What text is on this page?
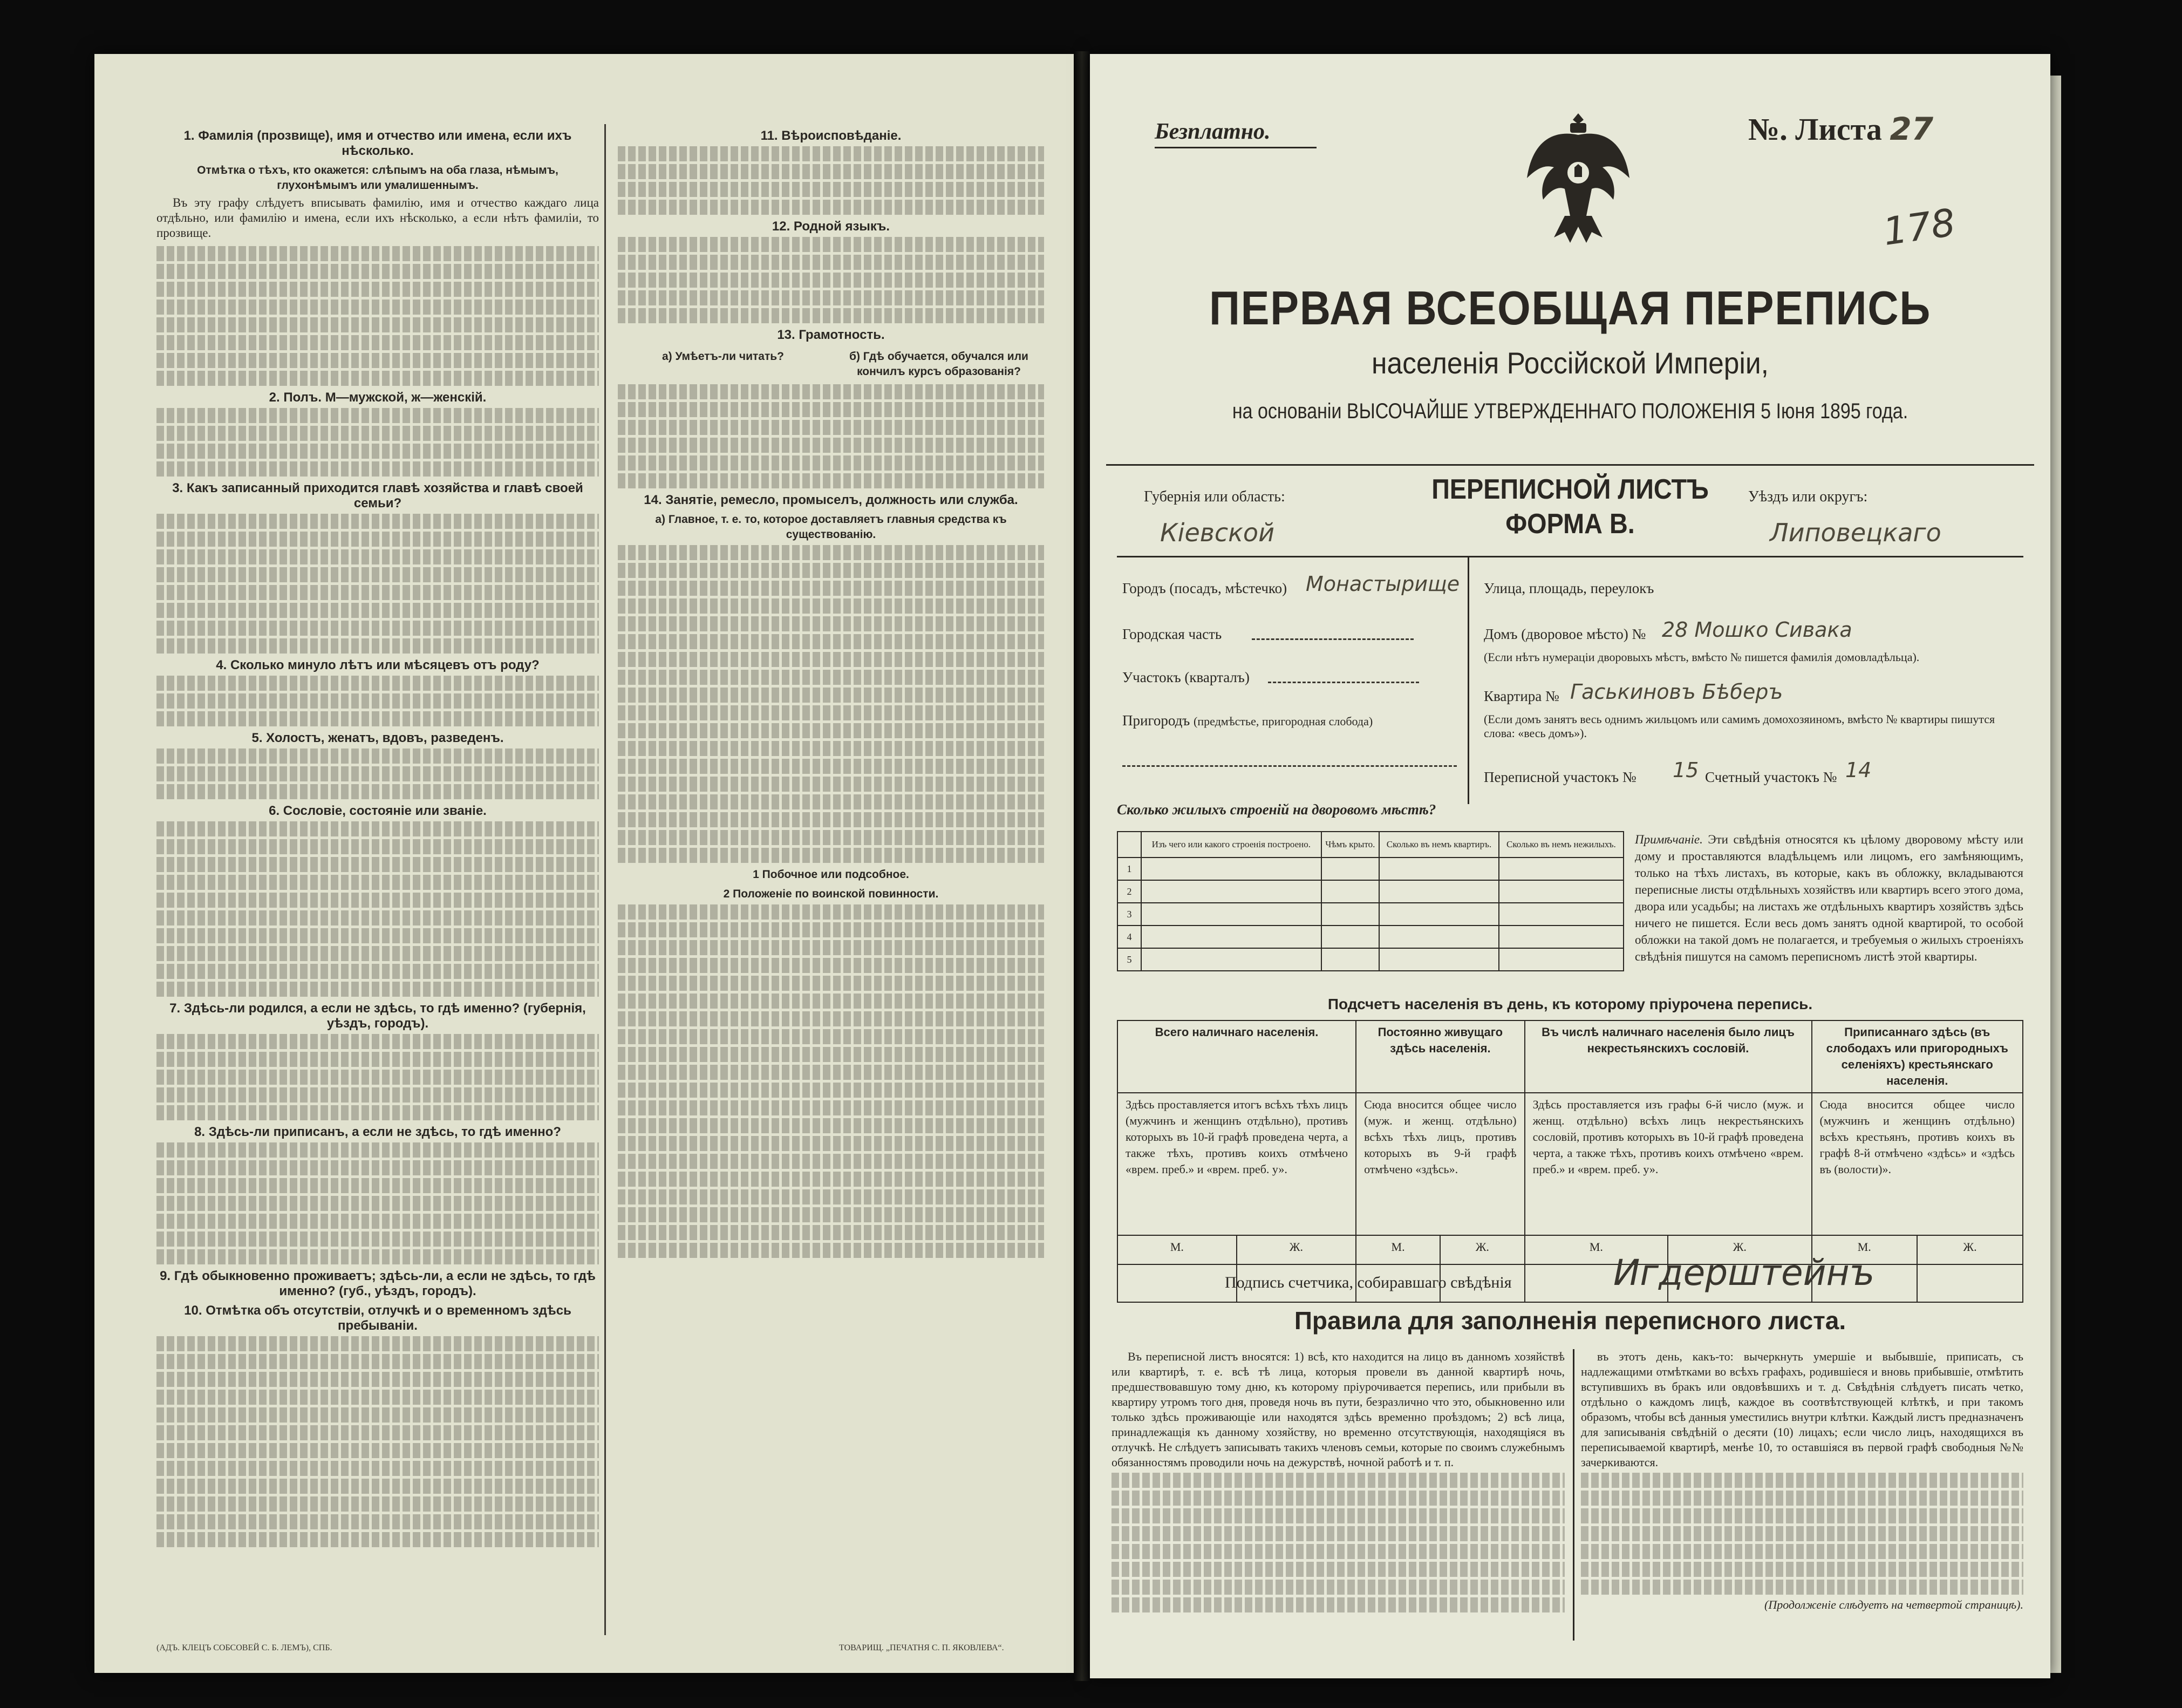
1. Фамилія (прозвище), имя и отчество или имена, если ихъ нѣсколько.
Отмѣтка о тѣхъ, кто окажется: слѣпымъ на оба глаза, нѣмымъ, глухонѣмымъ или умалишеннымъ.

Въ эту графу слѣдуетъ вписывать фамилію, имя и отчество каждаго лица отдѣльно, или фамилію и имена, если ихъ нѣсколько, а если нѣтъ фамиліи, то прозвище.

2. Полъ. М—мужской, ж—женскій.
3. Какъ записанный приходится главѣ хозяйства и главѣ своей семьи?
4. Сколько минуло лѣтъ или мѣсяцевъ отъ роду?
5. Холостъ, женатъ, вдовъ, разведенъ.
6. Сословіе, состояніе или званіе.
7. Здѣсь-ли родился, а если не здѣсь, то гдѣ именно? (губернія, уѣздъ, городъ).
8. Здѣсь-ли приписанъ, а если не здѣсь, то гдѣ именно?
9. Гдѣ обыкновенно проживаетъ; здѣсь-ли, а если не здѣсь, то гдѣ именно? (губ., уѣздъ, городъ).
10. Отмѣтка объ отсутствіи, отлучкѣ и о временномъ здѣсь пребываніи.
11. Вѣроисповѣданіе.
12. Родной языкъ.
13. Грамотность.
а) Умѣетъ-ли читать?	б) Гдѣ обучается, обучался или кончилъ курсъ образованія?
14. Занятіе, ремесло, промыселъ, должность или служба.
а) Главное, т. е. то, которое доставляетъ главныя средства къ существованію.
1 Побочное или подсобное.
2 Положеніе по воинской повинности.
(АДЪ. КЛЕЦЪ СОБСОВЕЙ С. Б. ЛЕМЪ), СПБ.	ТОВАРИЩ. „ПЕЧАТНЯ С. П. ЯКОВЛЕВА“.
Безплатно.	№. Листа 27
178
ПЕРВАЯ ВСЕОБЩАЯ ПЕРЕПИСЬ
населенія Россійской Имперіи,
на основаніи ВЫСОЧАЙШЕ УТВЕРЖДЕННАГО ПОЛОЖЕНІЯ 5 Іюня 1895 года.
Губернія или область:
Кіевской
ПЕРЕПИСНОЙ ЛИСТЪ
ФОРМА В.
Уѣздъ или округъ:
Липовецкаго
Городъ (посадъ, мѣстечко) Монастырище
Городская часть
Участокъ (кварталъ)
Пригородъ (предмѣстье, пригородная слобода)
Улица, площадь, переулокъ
Домъ (дворовое мѣсто) № 28 Мошко Сивака
(Если нѣтъ нумераціи дворовыхъ мѣстъ, вмѣсто № пишется фамилія домовладѣльца).
Квартира № Гаськиновъ Бѣберъ
(Если домъ занятъ весь однимъ жильцомъ или самимъ домохозяиномъ, вмѣсто № квартиры пишутся слова: «весь домъ»).
Переписной участокъ № 15 Счетный участокъ № 14
Сколько жилыхъ строеній на дворовомъ мѣстѣ?
	Изъ чего или какого строенія построено.	Чѣмъ крыто.	Сколько въ немъ квартиръ.	Сколько въ немъ нежилыхъ.
1				
2				
3				
4				
5				
Примѣчаніе. Эти свѣдѣнія относятся къ цѣлому дворовому мѣсту или дому и проставляются владѣльцемъ или лицомъ, его замѣняющимъ, только на тѣхъ листахъ, въ которые, какъ въ обложку, вкладываются переписные листы отдѣльныхъ хозяйствъ или квартиръ всего этого дома, двора или усадьбы; на листахъ же отдѣльныхъ квартиръ хозяйствъ здѣсь ничего не пишется. Если весь домъ занятъ одной квартирой, то особой обложки на такой домъ не полагается, и требуемыя о жилыхъ строеніяхъ свѣдѣнія пишутся на самомъ переписномъ листѣ этой квартиры.
Подсчетъ населенія въ день, къ которому пріурочена перепись.
Всего наличнаго населенія.		Постоянно живущаго здѣсь населенія.		Въ числѣ наличнаго населенія было лицъ некрестьянскихъ сословій.		Приписаннаго здѣсь (въ слободахъ или пригородныхъ селеніяхъ) крестьянскаго населенія.	
Здѣсь проставляется итогъ всѣхъ тѣхъ лицъ (мужчинъ и женщинъ отдѣльно), противъ которыхъ въ 10-й графѣ проведена черта, а также тѣхъ, противъ коихъ отмѣчено «врем. преб.» и «врем. преб. у».		Сюда вносится общее число (муж. и женщ. отдѣльно) всѣхъ тѣхъ лицъ, противъ которыхъ въ 9-й графѣ отмѣчено «здѣсь».		Здѣсь проставляется изъ графы 6-й число (муж. и женщ. отдѣльно) всѣхъ лицъ некрестьянскихъ сословій, противъ которыхъ въ 10-й графѣ проведена черта, а также тѣхъ, противъ коихъ отмѣчено «врем. преб.» и «врем. преб. у».		Сюда вносится общее число (мужчинъ и женщинъ отдѣльно) всѣхъ крестьянъ, противъ коихъ въ графѣ 8-й отмѣчено «здѣсь» и «здѣсь въ (волости)».	
М.	Ж.	М.	Ж.	М.	Ж.	М.	Ж.

Подпись счетчика, собиравшаго свѣдѣнія	Игдерштейнъ
Правила для заполненія переписного листа.

Въ переписной листъ вносятся: 1) всѣ, кто находится на лицо въ данномъ хозяйствѣ или квартирѣ, т. е. всѣ тѣ лица, которыя провели въ данной квартирѣ ночь, предшествовавшую тому дню, къ которому пріурочивается перепись, или прибыли въ квартиру утромъ того дня, проведя ночь въ пути, безразлично что это, обыкновенно или только здѣсь проживающіе или находятся здѣсь временно проѣздомъ; 2) всѣ лица, принадлежащія къ данному хозяйству, но временно отсутствующія, находящіяся въ отлучкѣ. Не слѣдуетъ записывать такихъ членовъ семьи, которые по своимъ служебнымъ обязанностямъ проводили ночь на дежурствѣ, ночной работѣ и т. п.

въ этотъ день, какъ-то: вычеркнуть умершіе и выбывшіе, приписать, съ надлежащими отмѣтками во всѣхъ графахъ, родившіеся и вновь прибывшіе, отмѣтить вступившихъ въ бракъ или овдовѣвшихъ и т. д. Свѣдѣнія слѣдуетъ писать четко, отдѣльно о каждомъ лицѣ, каждое въ соотвѣтствующей клѣткѣ, и при такомъ образомъ, чтобы всѣ данныя уместились внутри клѣтки. Каждый листъ предназначенъ для записыванія свѣдѣній о десяти (10) лицахъ; если число лицъ, находящихся въ переписываемой квартирѣ, менѣе 10, то оставшіяся въ первой графѣ свободныя №№ зачеркиваются.

(Продолженіе слѣдуетъ на четвертой страницѣ).
